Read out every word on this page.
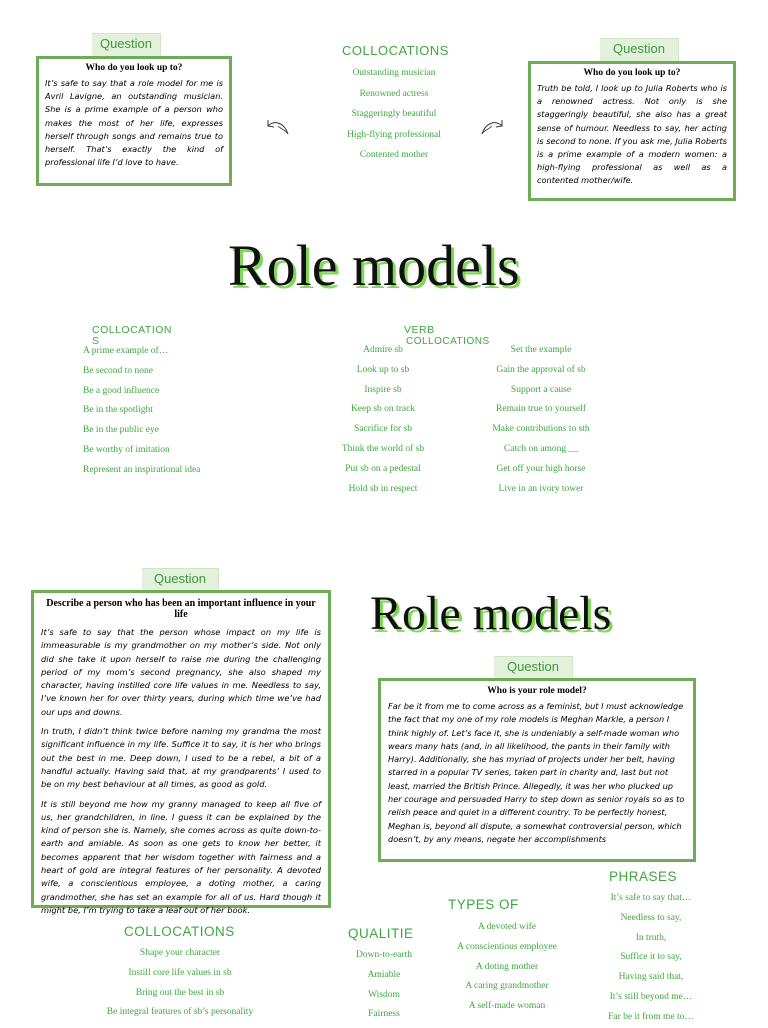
Question
Who do you look up to?

It’s safe to say that a role model for me is Avril Lavigne, an outstanding musician. She is a prime example of a person who makes the most of her life, expresses herself through songs and remains true to herself. That’s exactly the kind of professional life I’d love to have.

COLLOCATIONS
Outstanding musician
Renowned actress
Staggeringly beautiful
High-flying professional
Contented mother
Question
Who do you look up to?

Truth be told, I look up to Julia Roberts who is a renowned actress. Not only is she staggeringly beautiful, she also has a great sense of humour. Needless to say, her acting is second to none. If you ask me, Julia Roberts is a prime example of a modern women: a high-flying professional as well as a contented mother/wife.

Role models
COLLOCATION
S
A prime example of…
Be second to none
Be a good influence
Be in the spotlight
Be in the public eye
Be worthy of imitation
Represent an inspirational idea
VERB
COLLOCATIONS
Admire sb
Look up to sb
Inspire sb
Keep sb on track
Sacrifice for sb
Think the world of sb
Put sb on a pedestal
Hold sb in respect
Set the example
Gain the approval of sb
Support a cause
Remain true to yourself
Make contributions to sth
Catch on among __
Get off your high horse
Live in an ivory tower
Question
Describe a person who has been an important influence in your life

It’s safe to say that the person whose impact on my life is immeasurable is my grandmother on my mother’s side. Not only did she take it upon herself to raise me during the challenging period of my mom’s second pregnancy, she also shaped my character, having instilled core life values in me. Needless to say, I’ve known her for over thirty years, during which time we’ve had our ups and downs.

In truth, I didn’t think twice before naming my grandma the most significant influence in my life. Suffice it to say, it is her who brings out the best in me. Deep down, I used to be a rebel, a bit of a handful actually. Having said that, at my grandparents’ I used to be on my best behaviour at all times, as good as gold.

It is still beyond me how my granny managed to keep all five of us, her grandchildren, in line. I guess it can be explained by the kind of person she is. Namely, she comes across as quite down-to-earth and amiable. As soon as one gets to know her better, it becomes apparent that her wisdom together with fairness and a heart of gold are integral features of her personality. A devoted wife, a conscientious employee, a doting mother, a caring grandmother, she has set an example for all of us. Hard though it might be, I’m trying to take a leaf out of her book.

Role models
Question
Who is your role model?

Far be it from me to come across as a feminist, but I must acknowledge the fact that my one of my role models is Meghan Markle, a person I think highly of. Let’s face it, she is undeniably a self-made woman who wears many hats (and, in all likelihood, the pants in their family with Harry). Additionally, she has myriad of projects under her belt, having starred in a popular TV series, taken part in charity and, last but not least, married the British Prince. Allegedly, it was her who plucked up her courage and persuaded Harry to step down as senior royals so as to relish peace and quiet in a different country. To be perfectly honest, Meghan is, beyond all dispute, a somewhat controversial person, which doesn’t, by any means, negate her accomplishments

COLLOCATIONS
Shape your character
Instill core life values in sb
Bring out the best in sb
Be integral features of sb’s personality
QUALITIE
Down-to-earth
Amiable
Wisdom
Fairness
TYPES OF
A devoted wife
A conscientious employee
A doting mother
A caring grandmother
A self-made woman
PHRASES
It’s safe to say that…
Needless to say,
In truth,
Suffice it to say,
Having said that,
It’s still beyond me…
Far be it from me to…
